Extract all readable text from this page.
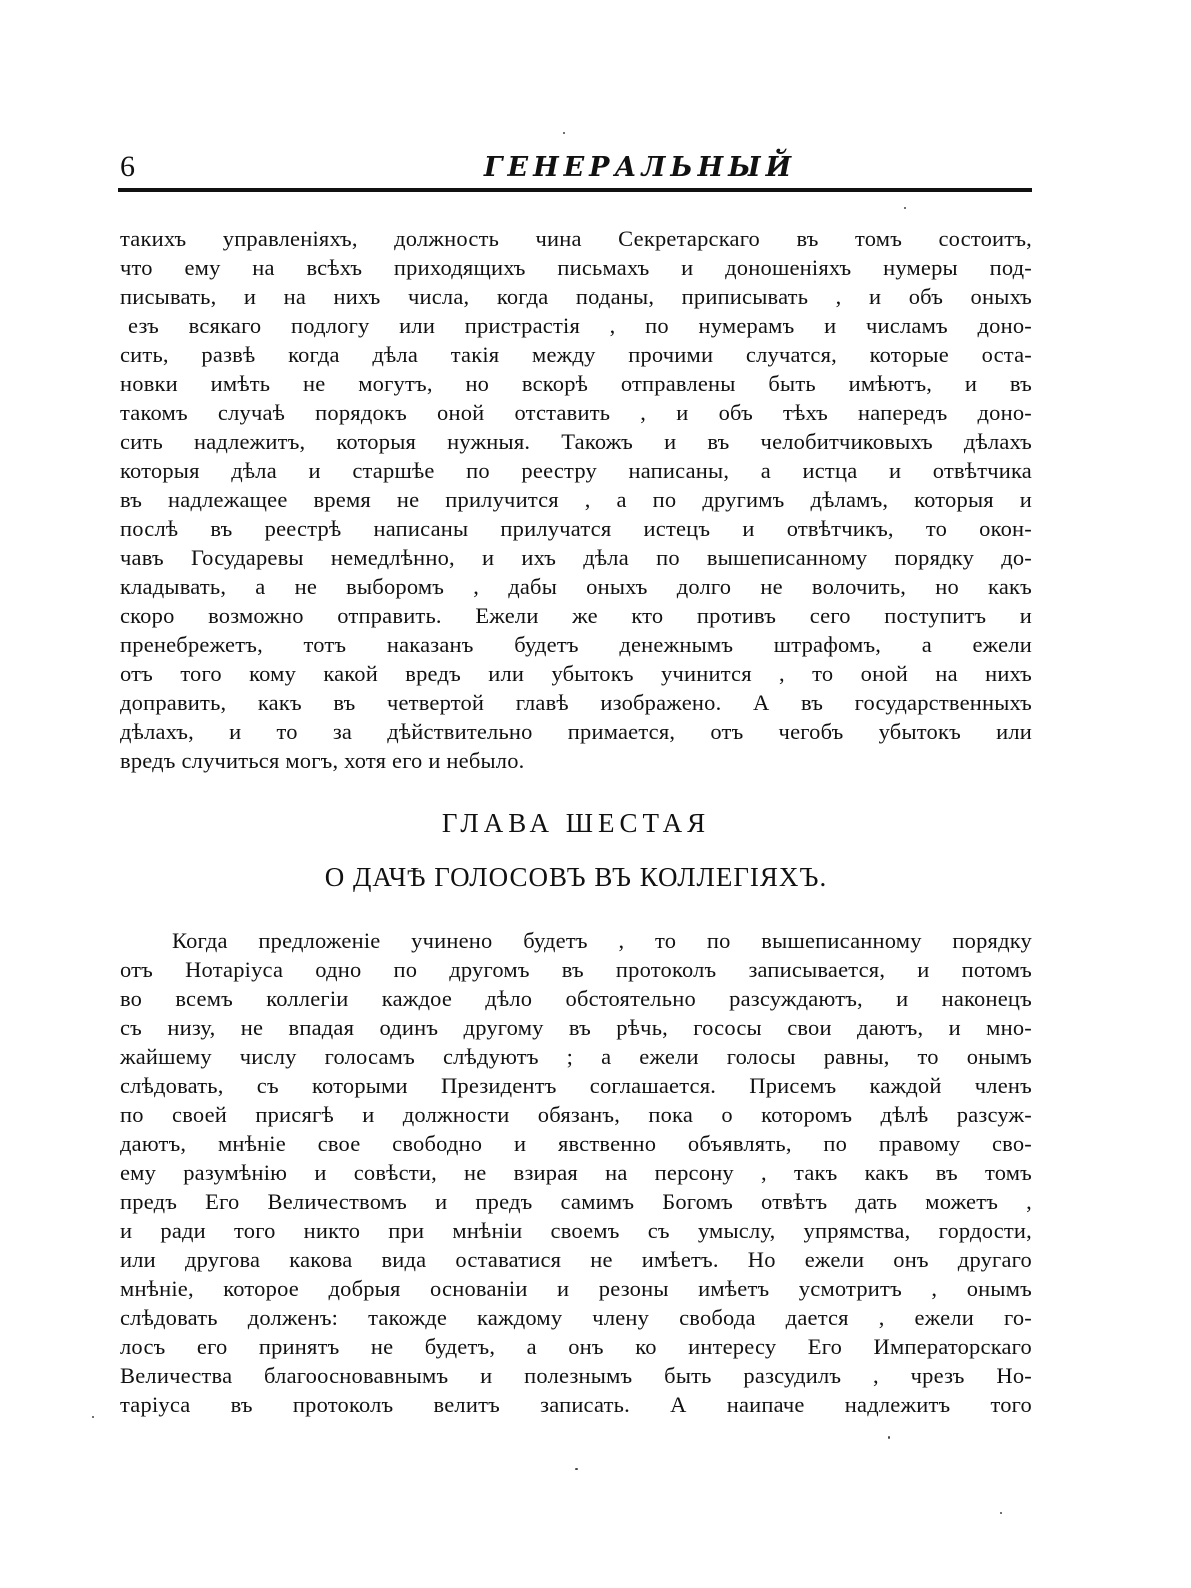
6	ГЕНЕРАЛЬНЫЙ
такихъ управленіяхъ, должность чина Секретарскаго въ томъ состоитъ,
что ему на всѣхъ приходящихъ письмахъ и доношеніяхъ нумеры под-
писывать, и на нихъ числа, когда поданы, приписывать , и объ оныхъ
езъ всякаго подлогу или пристрастія , по нумерамъ и числамъ доно-
сить, развѣ когда дѣла такія между прочими случатся, которые оста-
новки имѣть не могутъ, но вскорѣ отправлены быть имѣютъ, и въ
такомъ случаѣ порядокъ оной отставить , и объ тѣхъ напередъ доно-
сить надлежитъ, которыя нужныя. Такожъ и въ челобитчиковыхъ дѣлахъ
которыя дѣла и старшѣе по реестру написаны, а истца и отвѣтчика
въ надлежащее время не прилучится , а по другимъ дѣламъ, которыя и
послѣ въ реестрѣ написаны прилучатся истецъ и отвѣтчикъ, то окон-
чавъ Государевы немедлѣнно, и ихъ дѣла по вышеписанному порядку до-
кладывать, а не выборомъ , дабы оныхъ долго не волочить, но какъ
скоро возможно отправить. Ежели же кто противъ сего поступитъ и
пренебрежетъ, тотъ наказанъ будетъ денежнымъ штрафомъ, а ежели
отъ того кому какой вредъ или убытокъ учинится , то оной на нихъ
доправить, какъ въ четвертой главѣ изображено. А въ государственныхъ
дѣлахъ, и то за дѣйствительно примается, отъ чегобъ убытокъ или
вредъ случиться могъ, хотя его и небыло.
ГЛАВА ШЕСТАЯ
О ДАЧѢ ГОЛОСОВЪ ВЪ КОЛЛЕГІЯХЪ.
Когда предложеніе учинено будетъ , то по вышеписанному порядку
отъ Нотаріуса одно по другомъ въ протоколъ записывается, и потомъ
во всемъ коллегіи каждое дѣло обстоятельно разсуждаютъ, и наконецъ
съ низу, не впадая одинъ другому въ рѣчь, гососы свои даютъ, и мно-
жайшему числу голосамъ слѣдуютъ ; а ежели голосы равны, то онымъ
слѣдовать, съ которыми Президентъ соглашается. Присемъ каждой членъ
по своей присягѣ и должности обязанъ, пока о которомъ дѣлѣ разсуж-
даютъ, мнѣніе свое свободно и явственно объявлять, по правому сво-
ему разумѣнію и совѣсти, не взирая на персону , такъ какъ въ томъ
предъ Его Величествомъ и предъ самимъ Богомъ отвѣтъ дать можетъ ,
и ради того никто при мнѣніи своемъ съ умыслу, упрямства, гордости,
или другова какова вида оставатися не имѣетъ. Но ежели онъ другаго
мнѣніе, которое добрыя основаніи и резоны имѣетъ усмотритъ , онымъ
слѣдовать долженъ: такожде каждому члену свобода дается , ежели го-
лосъ его принятъ не будетъ, а онъ ко интересу Его Императорскаго
Величества благоосновавнымъ и полезнымъ быть разсудилъ , чрезъ Но-
таріуса въ протоколъ велитъ записать. А наипаче надлежитъ того
